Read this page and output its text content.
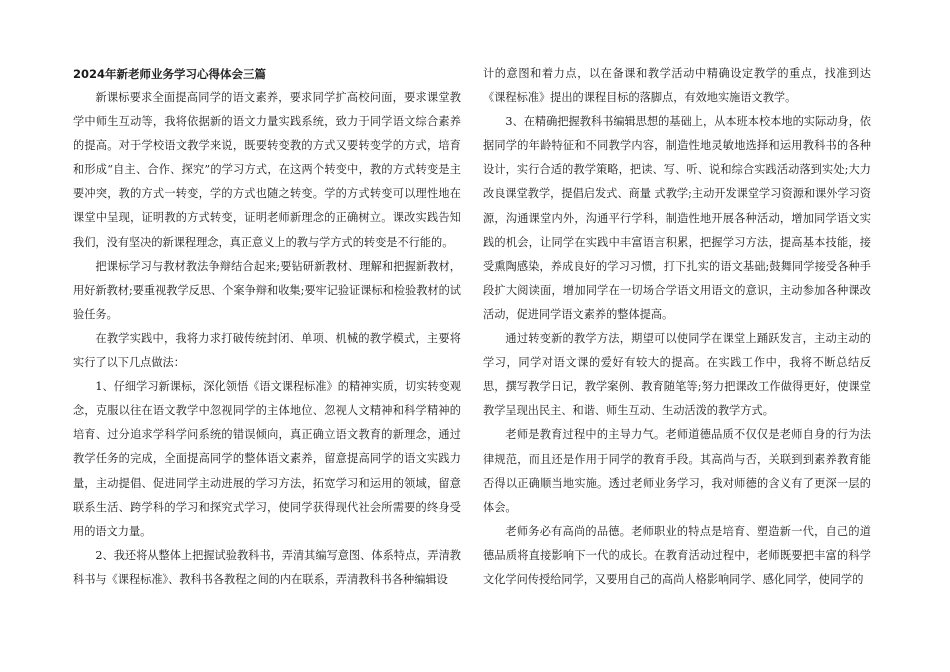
2024年新老师业务学习心得体会三篇

新课标要求全面提高同学的语文素养，要求同学扩高校问面，要求课堂教学中师生互动等，我将依据新的语文力量实践系统，致力于同学语文综合素养的提高。对于学校语文教学来说，既要转变教的方式又要转变学的方式，培育和形成“自主、合作、探究”的学习方式，在这两个转变中，教的方式转变是主要冲突，教的方式一转变，学的方式也随之转变。学的方式转变可以理性地在课堂中呈现，证明教的方式转变，证明老师新理念的正确树立。课改实践告知我们，没有坚决的新课程理念，真正意义上的教与学方式的转变是不行能的。

把课标学习与教材教法争辩结合起来;要钻研新教材、理解和把握新教材，用好新教材;要重视教学反思、个案争辩和收集;要牢记验证课标和检验教材的试验任务。

在教学实践中，我将力求打破传统封闭、单项、机械的教学模式，主要将实行了以下几点做法：

1、仔细学习新课标，深化领悟《语文课程标准》的精神实质，切实转变观念，克服以往在语文教学中忽视同学的主体地位、忽视人文精神和科学精神的培育、过分追求学科学问系统的错误倾向，真正确立语文教育的新理念，通过教学任务的完成，全面提高同学的整体语文素养，留意提高同学的语文实践力量，主动提倡、促进同学主动进展的学习方法，拓宽学习和运用的领域，留意联系生活、跨学科的学习和探究式学习，使同学获得现代社会所需要的终身受用的语文力量。

2、我还将从整体上把握试验教科书，弄清其编写意图、体系特点，弄清教科书与《课程标准》、教科书各教程之间的内在联系，弄清教科书各种编辑设

计的意图和着力点，以在备课和教学活动中精确设定教学的重点，找准到达《课程标准》提出的课程目标的落脚点，有效地实施语文教学。

3、在精确把握教科书编辑思想的基础上，从本班本校本地的实际动身，依据同学的年龄特征和不同教学内容，制造性地灵敏地选择和运用教科书的各种设计，实行合适的教学策略，把读、写、听、说和综合实践活动落到实处;大力改良课堂教学，提倡启发式、商量 式教学;主动开发课堂学习资源和课外学习资源，沟通课堂内外，沟通平行学科，制造性地开展各种活动，增加同学语文实践的机会，让同学在实践中丰富语言积累，把握学习方法，提高基本技能，接受熏陶感染，养成良好的学习习惯，打下扎实的语文基础;鼓舞同学接受各种手段扩大阅读面，增加同学在一切场合学语文用语文的意识，主动参加各种课改活动，促进同学语文素养的整体提高。

通过转变新的教学方法，期望可以使同学在课堂上踊跃发言，主动主动的学习，同学对语文课的爱好有较大的提高。在实践工作中，我将不断总结反思，撰写教学日记，教学案例、教育随笔等;努力把课改工作做得更好，使课堂教学呈现出民主、和谐、师生互动、生动活泼的教学方式。

老师是教育过程中的主导力气。老师道德品质不仅仅是老师自身的行为法律规范，而且还是作用于同学的教育手段。其高尚与否，关联到到素养教育能否得以正确顺当地实施。透过老师业务学习，我对师德的含义有了更深一层的体会。

老师务必有高尚的品德。老师职业的特点是培育、塑造新一代，自己的道德品质将直接影响下一代的成长。在教育活动过程中，老师既要把丰富的科学文化学问传授给同学，又要用自己的高尚人格影响同学、感化同学，使同学的
